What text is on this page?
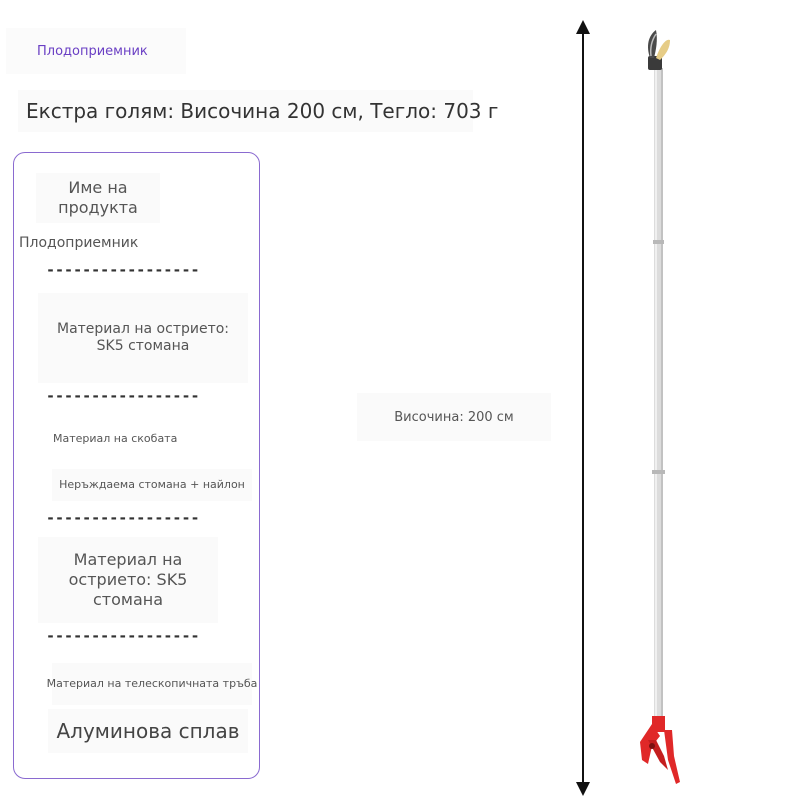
Плодоприемник
Екстра голям: Височина 200 см, Тегло: 703 г
Име на продукта
Плодоприемник
-----------------
Материал на острието: SK5 стомана
-----------------
Материал на скобата
Неръждаема стомана + найлон
-----------------
Материал на острието: SK5 стомана
-----------------
Материал на телескопичната тръба
Алуминова сплав
Височина: 200 см
